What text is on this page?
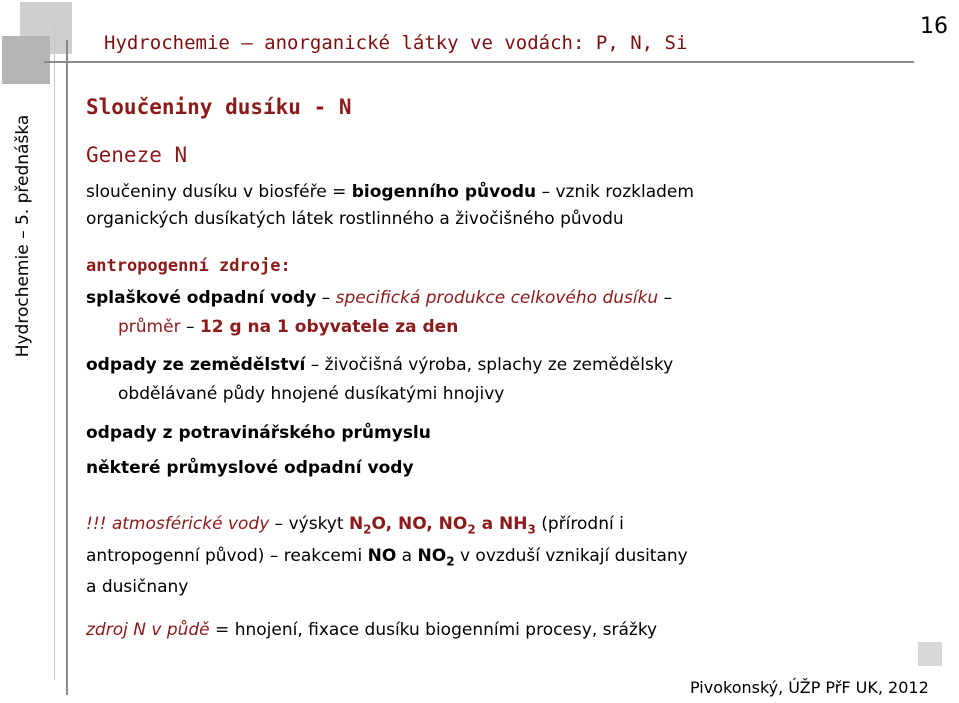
Hydrochemie – anorganické látky ve vodách: P, N, Si

16

Hydrochemie – 5. přednáška

Sloučeniny dusíku - N

Geneze N

sloučeniny dusíku v biosféře = biogenního původu – vznik rozkladem

organických dusíkatých látek rostlinného a živočišného původu

antropogenní zdroje:

splaškové odpadní vody – specifická produkce celkového dusíku –

průměr – 12 g na 1 obyvatele za den

odpady ze zemědělství – živočišná výroba, splachy ze zemědělsky

obdělávané půdy hnojené dusíkatými hnojivy

odpady z potravinářského průmyslu

některé průmyslové odpadní vody

!!! atmosférické vody – výskyt $N_2O$, NO, $NO_2$ a $NH_3$ (přírodní i

antropogenní původ) – reakcemi NO a $NO_2$ v ovzduší vznikají dusitany

a dusičnany

zdroj N v půdě = hnojení, fixace dusíku biogenními procesy, srážky

Pivokonský, ÚŽP PřF UK, 2012
